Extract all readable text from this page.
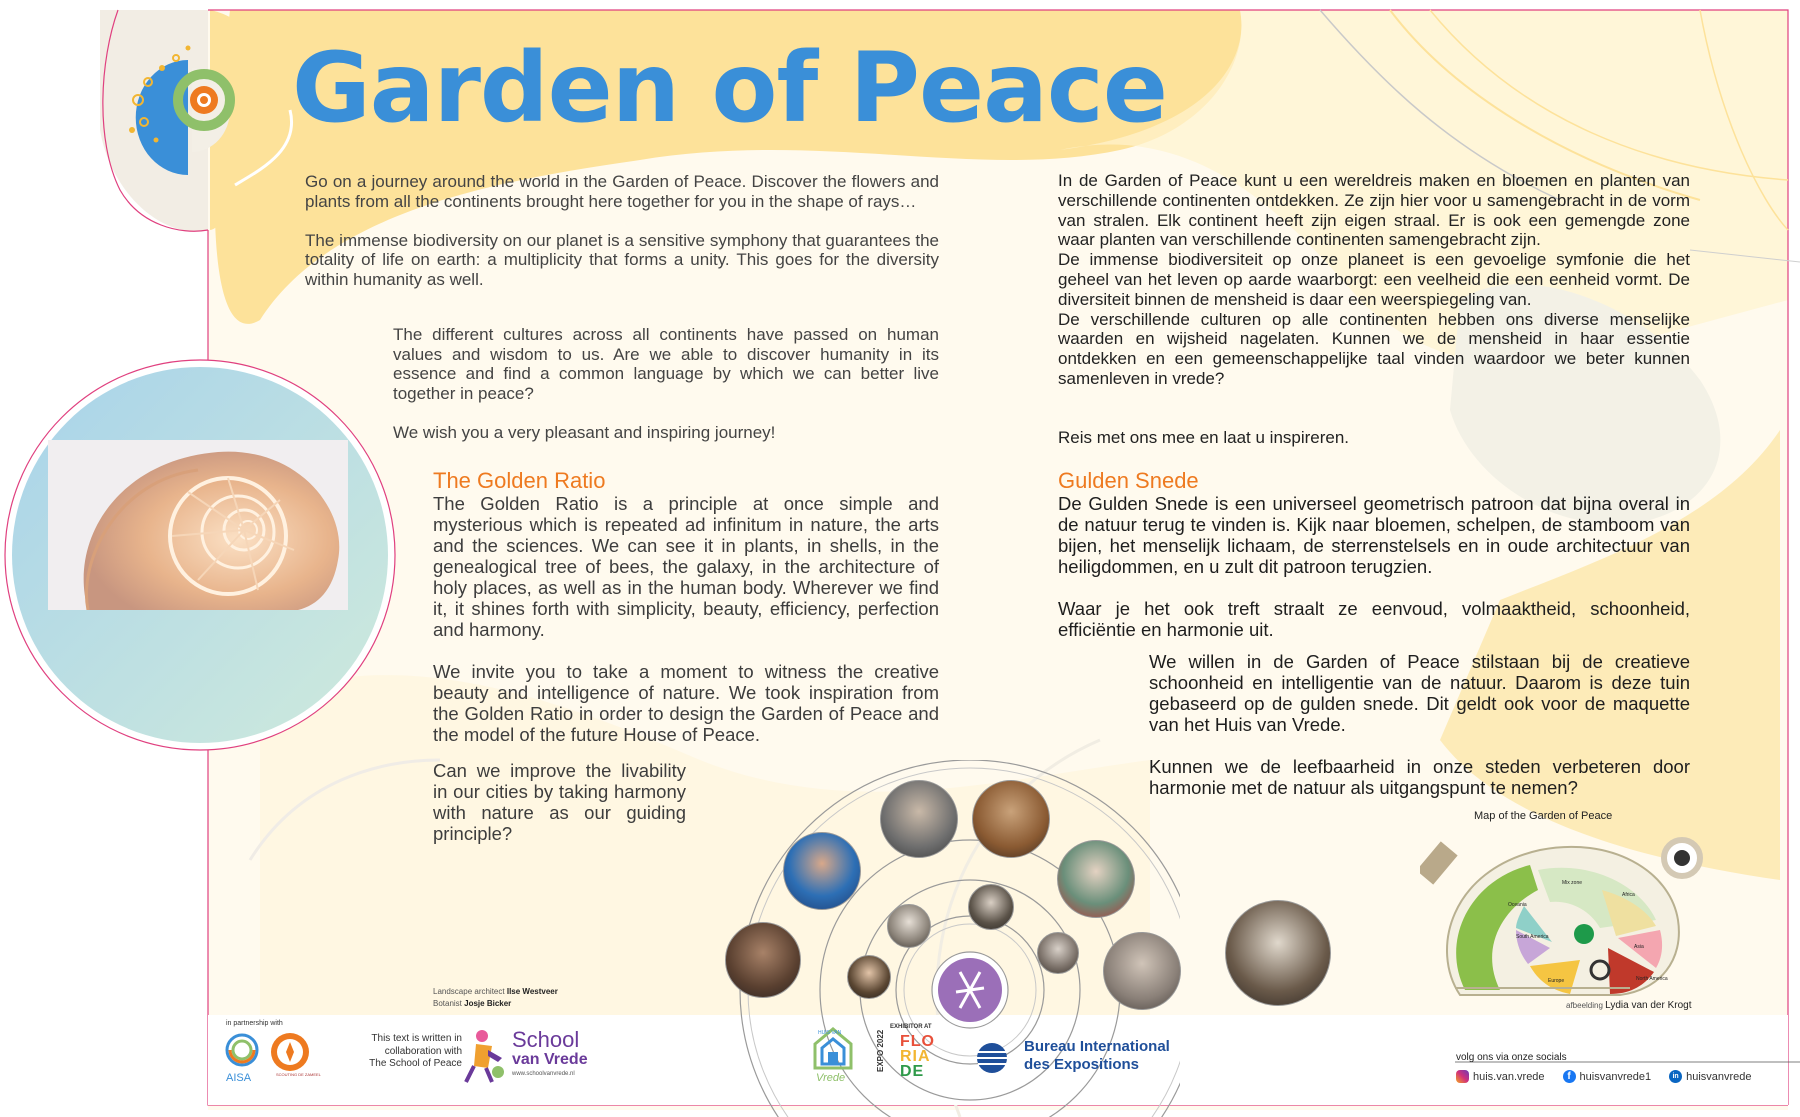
Garden of Peace

Go on a journey around the world in the Garden of Peace. Discover the flowers and plants from all the continents brought here together for you in the shape of rays…

The immense biodiversity on our planet is a sensitive symphony that guarantees the totality of life on earth: a multiplicity that forms a unity. This goes for the diversity within humanity as well.

The different cultures across all continents have passed on human values and wisdom to us. Are we able to discover humanity in its essence and find a common language by which we can better live together in peace?

We wish you a very pleasant and inspiring journey!

The Golden Ratio

The Golden Ratio is a principle at once simple and mysterious which is repeated ad infinitum in nature, the arts and the sciences. We can see it in plants, in shells, in the genealogical tree of bees, the galaxy, in the architecture of holy places, as well as in the human body. Wherever we find it, it shines forth with simplicity, beauty, efficiency, perfection and harmony.

We invite you to take a moment to witness the creative beauty and intelligence of nature. We took inspiration from the Golden Ratio in order to design the Garden of Peace and the model of the future House of Peace.

Can we improve the livability in our cities by taking harmony with nature as our guiding principle?

In de Garden of Peace kunt u een wereldreis maken en bloemen en planten van verschillende continenten ontdekken. Ze zijn hier voor u samengebracht in de vorm van stralen. Elk continent heeft zijn eigen straal. Er is ook een gemengde zone waar planten van verschillende continenten samengebracht zijn.

De immense biodiversiteit op onze planeet is een gevoelige symfonie die het geheel van het leven op aarde waarborgt: een veelheid die een eenheid vormt. De diversiteit binnen de mensheid is daar een weerspiegeling van.

De verschillende culturen op alle continenten hebben ons diverse menselijke waarden en wijsheid nagelaten. Kunnen we de mensheid in haar essentie ontdekken en een gemeenschappelijke taal vinden waardoor we beter kunnen samenleven in vrede?

Reis met ons mee en laat u inspireren.
Gulden Snede

De Gulden Snede is een universeel geometrisch patroon dat bijna overal in de natuur terug te vinden is. Kijk naar bloemen, schelpen, de stamboom van bijen, het menselijk lichaam, de sterrenstelsels en in oude architectuur van heiligdommen, en u zult dit patroon terugzien.

Waar je het ook treft straalt ze eenvoud, volmaaktheid, schoonheid, efficiëntie en harmonie uit.

We willen in de Garden of Peace stilstaan bij de creatieve schoonheid en intelligentie van de natuur. Daarom is deze tuin gebaseerd op de gulden snede. Dit geldt ook voor de maquette van het Huis van Vrede.

Kunnen we de leefbaarheid in onze steden verbeteren door harmonie met de natuur als uitgangspunt te nemen?

Landscape architect Ilse Westveer
Botanist Josje Bicker
Map of the Garden of Peace
Mix zone
Africa
Oceania
Asia
South America
North America
Europe
afbeelding Lydia van der Krogt
in partnership with
AISA	SCOUTING DE ZAMEEL
This text is written in
collaboration with
The School of Peace
School
van Vrede
www.schoolvanvrede.nl
HUIS VAN
Vrede
EXHIBITOR AT
EXPO 2022 FLO
RIA
DE
Bureau International
des Expositions	volg ons via onze socials
huis.van.vrede	f huisvanvrede1	in huisvanvrede
